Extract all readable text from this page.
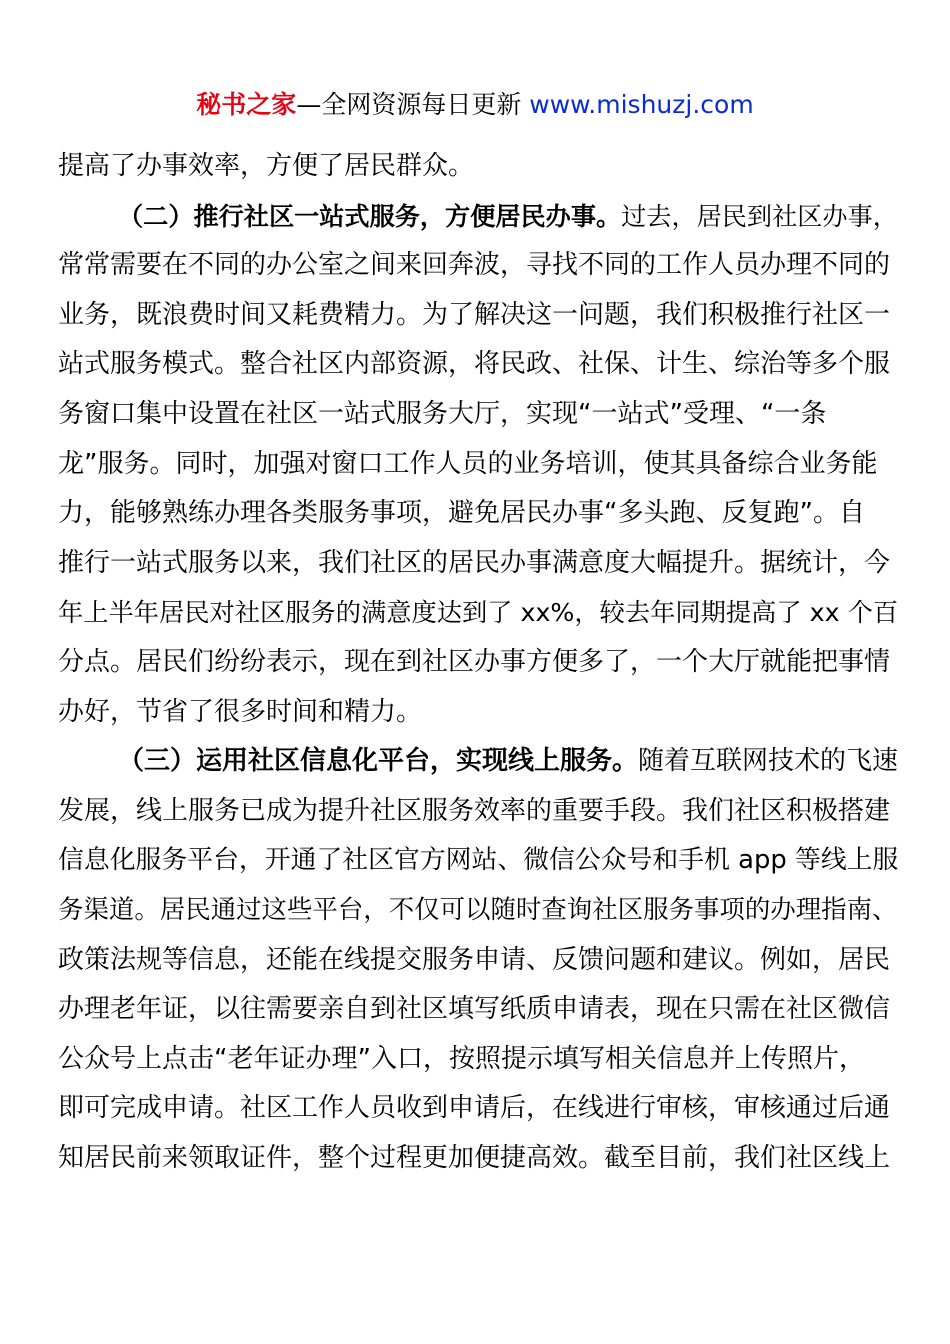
秘书之家—全网资源每日更新 www.mishuzj.com
提高了办事效率，方便了居民群众。
（二）推行社区一站式服务，方便居民办事。过去，居民到社区办事，
常常需要在不同的办公室之间来回奔波，寻找不同的工作人员办理不同的
业务，既浪费时间又耗费精力。为了解决这一问题，我们积极推行社区一
站式服务模式。整合社区内部资源，将民政、社保、计生、综治等多个服
务窗口集中设置在社区一站式服务大厅，实现“一站式”受理、“一条
龙”服务。同时，加强对窗口工作人员的业务培训，使其具备综合业务能
力，能够熟练办理各类服务事项，避免居民办事“多头跑、反复跑”。自
推行一站式服务以来，我们社区的居民办事满意度大幅提升。据统计，今
年上半年居民对社区服务的满意度达到了 xx%，较去年同期提高了 xx 个百
分点。居民们纷纷表示，现在到社区办事方便多了，一个大厅就能把事情
办好，节省了很多时间和精力。
（三）运用社区信息化平台，实现线上服务。随着互联网技术的飞速
发展，线上服务已成为提升社区服务效率的重要手段。我们社区积极搭建
信息化服务平台，开通了社区官方网站、微信公众号和手机 app 等线上服
务渠道。居民通过这些平台，不仅可以随时查询社区服务事项的办理指南、
政策法规等信息，还能在线提交服务申请、反馈问题和建议。例如，居民
办理老年证，以往需要亲自到社区填写纸质申请表，现在只需在社区微信
公众号上点击“老年证办理”入口，按照提示填写相关信息并上传照片，
即可完成申请。社区工作人员收到申请后，在线进行审核，审核通过后通
知居民前来领取证件，整个过程更加便捷高效。截至目前，我们社区线上
